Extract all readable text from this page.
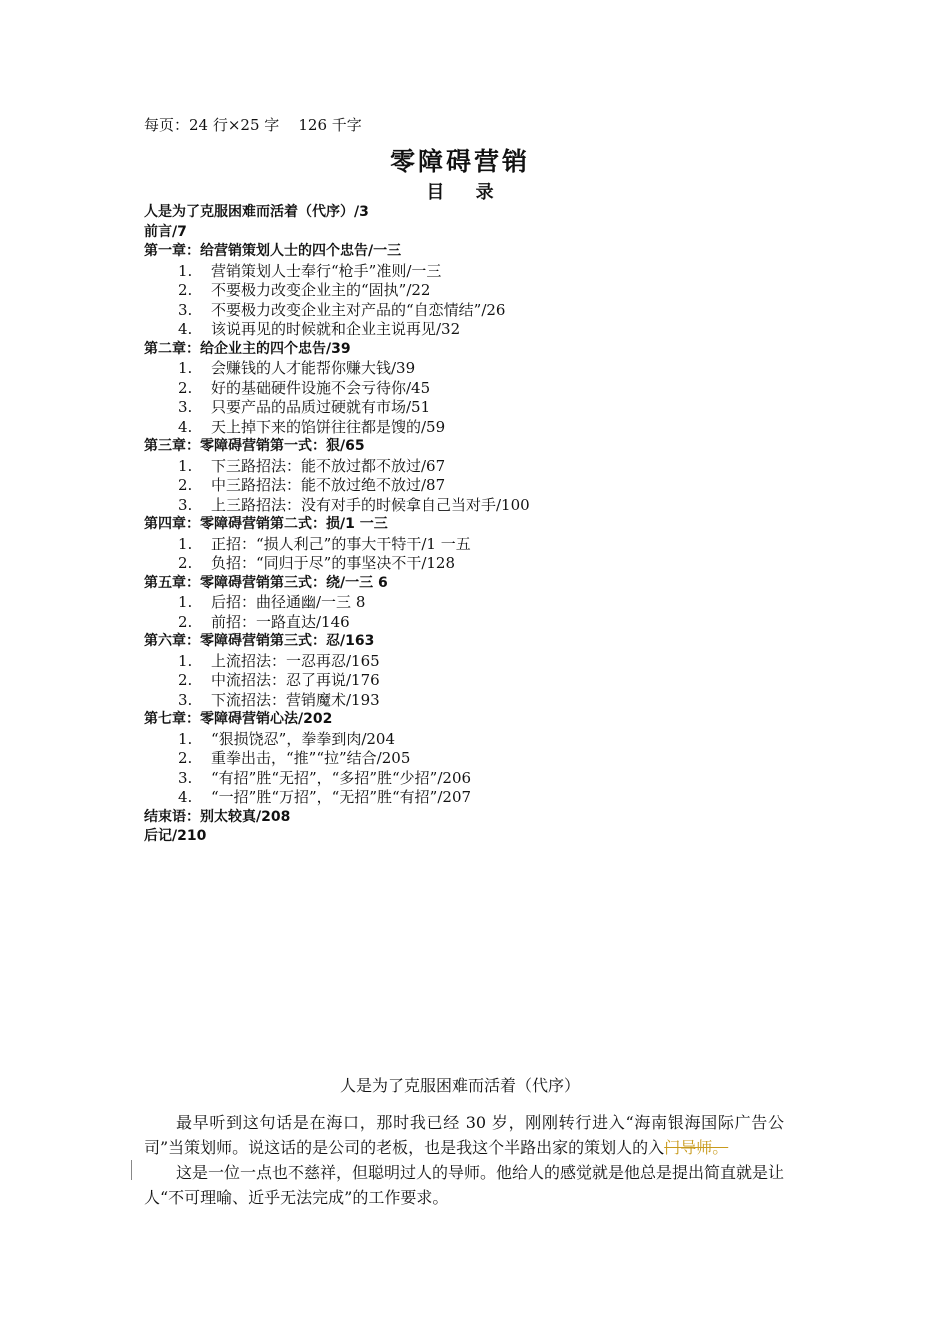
每页：24 行×25 字    126 千字
零障碍营销
目     录
人是为了克服困难而活着（代序）/3
前言/7
第一章：给营销策划人士的四个忠告/一三
1. 营销策划人士奉行“枪手”准则/一三
2. 不要极力改变企业主的“固执”/22
3. 不要极力改变企业主对产品的“自恋情结”/26
4. 该说再见的时候就和企业主说再见/32
第二章：给企业主的四个忠告/39
1. 会赚钱的人才能帮你赚大钱/39
2. 好的基础硬件设施不会亏待你/45
3. 只要产品的品质过硬就有市场/51
4. 天上掉下来的馅饼往往都是馊的/59
第三章：零障碍营销第一式：狠/65
1. 下三路招法：能不放过都不放过/67
2. 中三路招法：能不放过绝不放过/87
3. 上三路招法：没有对手的时候拿自己当对手/100
第四章：零障碍营销第二式：损/1 一三
1. 正招：“损人利己”的事大干特干/1 一五
2. 负招：“同归于尽”的事坚决不干/128
第五章：零障碍营销第三式：绕/一三 6
1. 后招：曲径通幽/一三 8
2. 前招：一路直达/146
第六章：零障碍营销第三式：忍/163
1. 上流招法：一忍再忍/165
2. 中流招法：忍了再说/176
3. 下流招法：营销魔术/193
第七章：零障碍营销心法/202
1. “狠损饶忍”，拳拳到肉/204
2. 重拳出击，“推”“拉”结合/205
3. “有招”胜“无招”，“多招”胜“少招”/206
4. “一招”胜“万招”，“无招”胜“有招”/207
结束语：别太较真/208
后记/210
人是为了克服困难而活着（代序）

最早听到这句话是在海口，那时我已经 30 岁，刚刚转行进入“海南银海国际广告公司”当策划师。说这话的是公司的老板，也是我这个半路出家的策划人的入门导师。

这是一位一点也不慈祥，但聪明过人的导师。他给人的感觉就是他总是提出简直就是让人“不可理喻、近乎无法完成”的工作要求。
